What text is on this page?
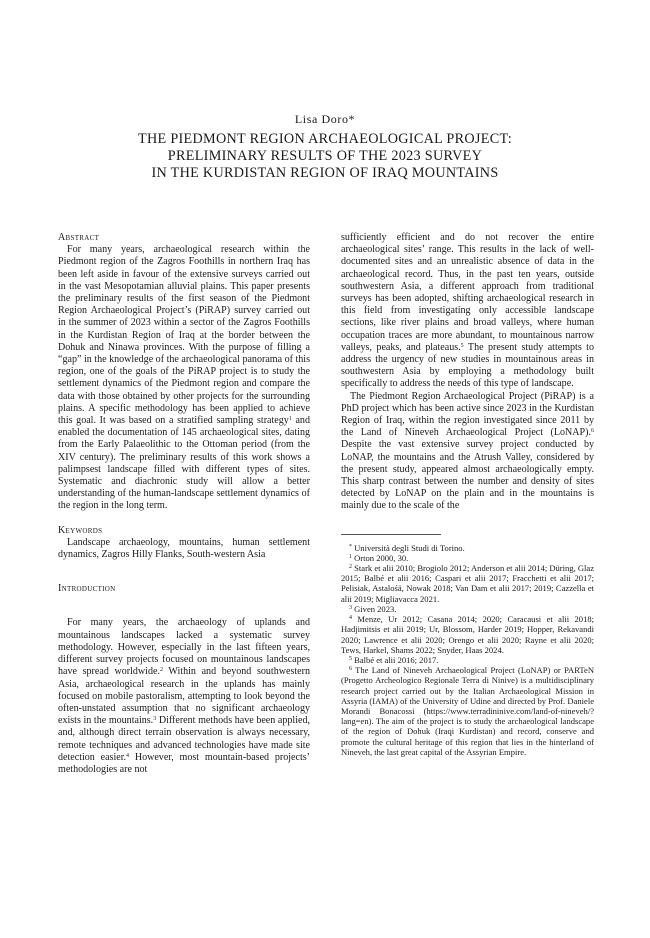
Lisa Doro*
THE PIEDMONT REGION ARCHAEOLOGICAL PROJECT:
PRELIMINARY RESULTS OF THE 2023 SURVEY
IN THE KURDISTAN REGION OF IRAQ MOUNTAINS
Abstract

For many years, archaeological research within the Piedmont region of the Zagros Foothills in northern Iraq has been left aside in favour of the extensive surveys carried out in the vast Mesopotamian alluvial plains. This paper presents the preliminary results of the first season of the Piedmont Region Archaeological Project’s (PiRAP) survey carried out in the summer of 2023 within a sector of the Zagros Foothills in the Kurdistan Region of Iraq at the border between the Dohuk and Ninawa provinces. With the purpose of filling a “gap” in the knowledge of the archaeological panorama of this region, one of the goals of the PiRAP project is to study the settlement dynamics of the Piedmont region and compare the data with those obtained by other projects for the surrounding plains. A specific methodology has been applied to achieve this goal. It was based on a stratified sampling strategy$^1$ and enabled the documentation of 145 archaeological sites, dating from the Early Palaeolithic to the Ottoman period (from the XIV century). The preliminary results of this work shows a palimpsest landscape filled with different types of sites. Systematic and diachronic study will allow a better understanding of the human-landscape settlement dynamics of the region in the long term.

Keywords

Landscape archaeology, mountains, human settlement dynamics, Zagros Hilly Flanks, South-western Asia

Introduction

For many years, the archaeology of uplands and mountainous landscapes lacked a systematic survey methodology. However, especially in the last fifteen years, different survey projects focused on mountainous landscapes have spread worldwide.$^2$ Within and beyond southwestern Asia, archaeological research in the uplands has mainly focused on mobile pastoralism, attempting to look beyond the often-unstated assumption that no significant archaeology exists in the mountains.$^3$ Different methods have been applied, and, although direct terrain observation is always necessary, remote techniques and advanced technologies have made site detection easier.$^4$ However, most mountain-based projects’ methodologies are not

sufficiently efficient and do not recover the entire archaeological sites’ range. This results in the lack of well-documented sites and an unrealistic absence of data in the archaeological record. Thus, in the past ten years, outside southwestern Asia, a different approach from traditional surveys has been adopted, shifting archaeological research in this field from investigating only accessible landscape sections, like river plains and broad valleys, where human occupation traces are more abundant, to mountainous narrow valleys, peaks, and plateaus.$^5$ The present study attempts to address the urgency of new studies in mountainous areas in southwestern Asia by employing a methodology built specifically to address the needs of this type of landscape.

The Piedmont Region Archaeological Project (PiRAP) is a PhD project which has been active since 2023 in the Kurdistan Region of Iraq, within the region investigated since 2011 by the Land of Nineveh Archaeological Project (LoNAP).$^6$ Despite the vast extensive survey project conducted by LoNAP, the mountains and the Atrush Valley, considered by the present study, appeared almost archaeologically empty. This sharp contrast between the number and density of sites detected by LoNAP on the plain and in the mountains is mainly due to the scale of the

* Università degli Studi di Torino.

$^1$ Orton 2000, 30.

$^2$ Stark et alii 2010; Brogiolo 2012; Anderson et alii 2014; Düring, Glaz 2015; Balbé et alii 2016; Caspari et alii 2017; Fracchetti et alii 2017; Pelisiak, Astalośä, Nowak 2018; Van Dam et alii 2017; 2019; Cazzella et alii 2019; Migliavacca 2021.

$^3$ Given 2023.

$^4$ Menze, Ur 2012; Casana 2014; 2020; Caracausi et alii 2018; Hadjimitsis et alii 2019; Ur, Blossom, Harder 2019; Hopper, Rekavandi 2020; Lawrence et alii 2020; Orengo et alii 2020; Rayne et alii 2020; Tews, Harkel, Shams 2022; Snyder, Haas 2024.

$^5$ Balbé et alii 2016; 2017.

$^6$ The Land of Nineveh Archaeological Project (LoNAP) or PARTeN (Progetto Archeologico Regionale Terra di Ninive) is a multidisciplinary research project carried out by the Italian Archaeological Mission in Assyria (IAMA) of the University of Udine and directed by Prof. Daniele Morandi Bonacossi (https://www.terradininive.com/land-of-nineveh/?lang=en). The aim of the project is to study the archaeological landscape of the region of Dohuk (Iraqi Kurdistan) and record, conserve and promote the cultural heritage of this region that lies in the hinterland of Nineveh, the last great capital of the Assyrian Empire.
